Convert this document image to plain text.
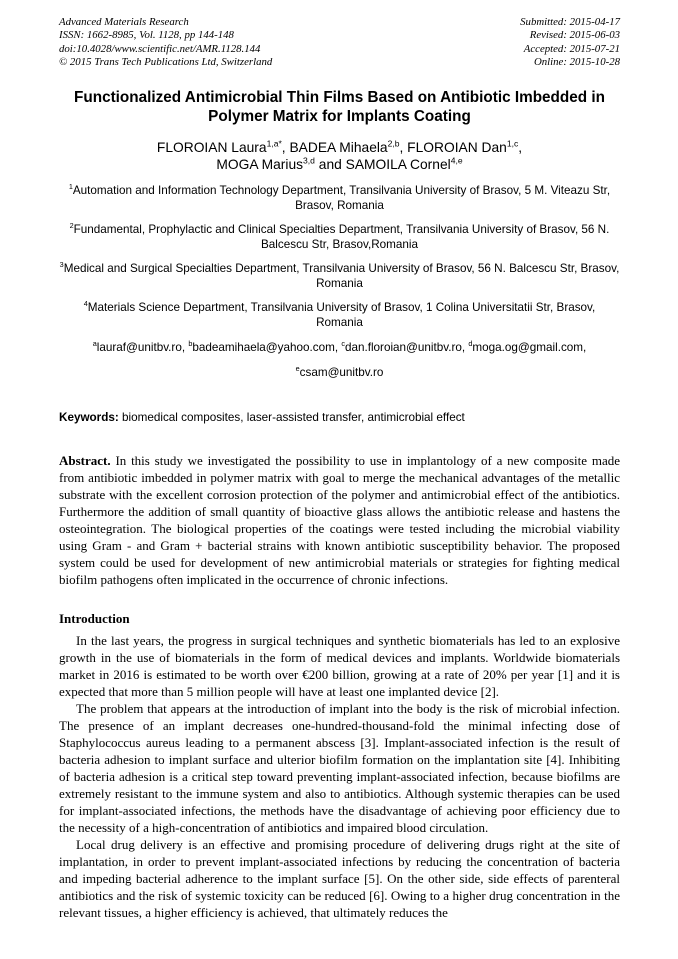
Advanced Materials Research
ISSN: 1662-8985, Vol. 1128, pp 144-148
doi:10.4028/www.scientific.net/AMR.1128.144
© 2015 Trans Tech Publications Ltd, Switzerland
Submitted: 2015-04-17
Revised: 2015-06-03
Accepted: 2015-07-21
Online: 2015-10-28
Functionalized Antimicrobial Thin Films Based on Antibiotic Imbedded in Polymer Matrix for Implants Coating
FLOROIAN Laura$^{1,a*}$, BADEA Mihaela$^{2,b}$, FLOROIAN Dan$^{1,c}$,
MOGA Marius$^{3,d}$ and SAMOILA Cornel$^{4,e}$
$^1$Automation and Information Technology Department, Transilvania University of Brasov, 5 M. Viteazu Str, Brasov, Romania
$^2$Fundamental, Prophylactic and Clinical Specialties Department, Transilvania University of Brasov, 56 N. Balcescu Str, Brasov,Romania
$^3$Medical and Surgical Specialties Department, Transilvania University of Brasov, 56 N. Balcescu Str, Brasov, Romania
$^4$Materials Science Department, Transilvania University of Brasov, 1 Colina Universitatii Str, Brasov, Romania
$^a$lauraf@unitbv.ro, $^b$badeamihaela@yahoo.com, $^c$dan.floroian@unitbv.ro, $^d$moga.og@gmail.com,
$^e$csam@unitbv.ro

Keywords: biomedical composites, laser-assisted transfer, antimicrobial effect

Abstract. In this study we investigated the possibility to use in implantology of a new composite made from antibiotic imbedded in polymer matrix with goal to merge the mechanical advantages of the metallic substrate with the excellent corrosion protection of the polymer and antimicrobial effect of the antibiotics. Furthermore the addition of small quantity of bioactive glass allows the antibiotic release and hastens the osteointegration. The biological properties of the coatings were tested including the microbial viability using Gram - and Gram + bacterial strains with known antibiotic susceptibility behavior. The proposed system could be used for development of new antimicrobial materials or strategies for fighting medical biofilm pathogens often implicated in the occurrence of chronic infections.

Introduction

In the last years, the progress in surgical techniques and synthetic biomaterials has led to an explosive growth in the use of biomaterials in the form of medical devices and implants. Worldwide biomaterials market in 2016 is estimated to be worth over €200 billion, growing at a rate of 20% per year [1] and it is expected that more than 5 million people will have at least one implanted device [2].

The problem that appears at the introduction of implant into the body is the risk of microbial infection. The presence of an implant decreases one-hundred-thousand-fold the minimal infecting dose of Staphylococcus aureus leading to a permanent abscess [3]. Implant-associated infection is the result of bacteria adhesion to implant surface and ulterior biofilm formation on the implantation site [4]. Inhibiting of bacteria adhesion is a critical step toward preventing implant-associated infection, because biofilms are extremely resistant to the immune system and also to antibiotics. Although systemic therapies can be used for implant-associated infections, the methods have the disadvantage of achieving poor efficiency due to the necessity of a high-concentration of antibiotics and impaired blood circulation.

Local drug delivery is an effective and promising procedure of delivering drugs right at the site of implantation, in order to prevent implant-associated infections by reducing the concentration of bacteria and impeding bacterial adherence to the implant surface [5]. On the other side, side effects of parenteral antibiotics and the risk of systemic toxicity can be reduced [6]. Owing to a higher drug concentration in the relevant tissues, a higher efficiency is achieved, that ultimately reduces the
